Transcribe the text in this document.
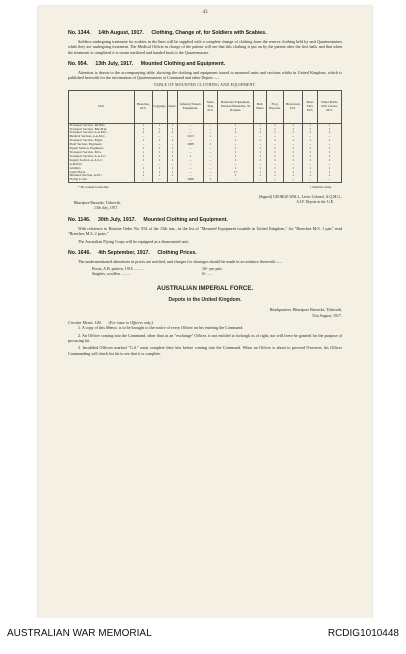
43
No. 1344. 14th August, 1917. Clothing, Change of, for Soldiers with Scabies.

Soldiers undergoing treatment for scabies in the lines will be supplied with a complete change of clothing from the reserve clothing held by unit Quartermasters while they are undergoing treatment. The Medical Officer in charge of the patient will see that this clothing is put on by the patient after the first bath, and that when the treatment is completed it is steam sterilized and handed back to the Quartermaster.

No. 954. 13th July, 1917. Mounted Clothing and Equipment.

Attention is drawn to the accompanying table, showing the clothing and equipment issued to mounted units and sections whilst in United Kingdom, which is published herewith for the information of Quartermasters at Command and other Depots :—

TABLE OF MOUNTED CLOTHING AND EQUIPMENT.
Unit.	Breeches, M.S.	Leggings.	Spurs.	Infantry Pattern Equipment.	Mess Tins, D.S.	Bandolier Equipment, Patterns Bandolier, 50 Rounds.	Belt, Waist.	Frog, Bayonet.	Haversack, D.S.	Mess Tins, M.S.	Water Bottle with Carrier, M.S.
Transport Section, Inf.Bde.	1	1	1	...	...	1	1	1	1	1	1
Transport Section, Bde.H.Q.	1	1	1	...	...	1	1	1	1	1	1
Transport Section, A.A.M.C.	1	1	1	...	...	1	1	1	1	1	1
Medical Section, A.A.M.C.	...	...	...	1913	1	...	...	...	...	...	...
Transport Section, Engrs.	1	1	1	...	...	1	1	1	1	1	1
Field Section, Engineers	...	...	...	1908	1	...	...	...	...	...	...
Signal Section, Engineers	1	1	1	...	...	1	1	1	1	1	1
Transport Section, M.G.	1	1	1	...	...	1	1	1	1	1	1
Transport Section, A.A.S.C.	1	1	1	1	...	1	1	1	1	1	1
Supply Section, A.A.S.C.	1	1	1	...	...	1	1	1	1	1	1
A.H.O.D.	...	...	...	...	...	...	...	...	...	...	...
Artillery	1	1	1	...	...	1	1	1	1	1	1
Light Horse	1	1	1	...	...	1*	1	1	1	1	1
Mounted Section, A.P.C.	1	1	1	...	...	1	1	1	1	1	1
Flying Corps	...	...	...	1908	1	...	...	...	...	...	...
* 90 rounds bandolier.	† Dismtd. units.
(Signed) GEORGE WALL, Lieut.-Colonel, A.Q.M.G.,
A.I.F. Depots in the U.K.
Bhurtpore Barracks, Tidworth,
13th July, 1917.
No. 1146. 30th July, 1917. Mounted Clothing and Equipment.

With reference to Routine Order No. 954 of the 13th inst., in the list of "Mounted Equipment issuable in United Kingdom," for "Breeches M.S. 1 pair" read "Breeches M.S. 2 pairs."

The Australian Flying Corps will be equipped as a dismounted unit.

No. 1646. 4th September, 1917. Clothing Prices.

The undermentioned alterations in prices are notified, and charges for shortages should be made in accordance therewith :—

Boots, A.B. pattern, 1916 ..........	16/- per pair.
Singlets, woollen ..........	6/- .....
AUSTRALIAN IMPERIAL FORCE.
Depots in the United Kingdom.
Headquarters, Bhurtpore Barracks, Tidworth,
31st August, 1917.
Circular Memo. 140. (For issue to Officers only.)

1. A copy of this Memo. is to be brought to the notice of every Officer on his entering the Command.

2. An Officer coming into the Command, other than as an "exchange" Officer, is not entitled to furlough as of right, nor will leave be granted for the purpose of procuring kit.

3. Invalided Officers marked "G.S." must complete their kits before coming into the Command. When an Officer is about to proceed Overseas, his Officer Commanding will check his kit to see that it is complete.

AUSTRALIAN WAR MEMORIAL	RCDIG1010448
